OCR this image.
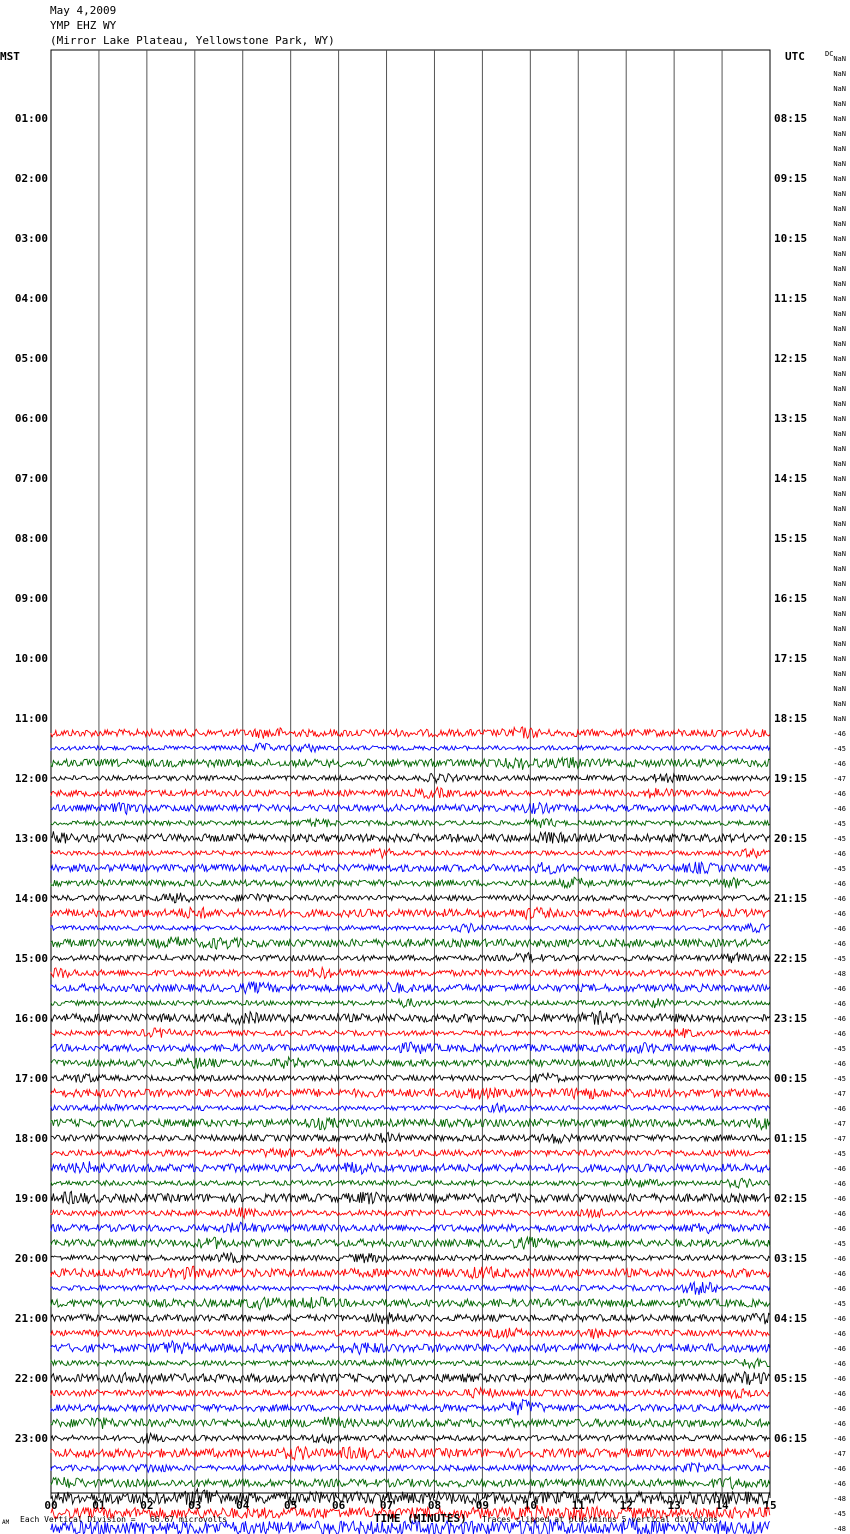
May 4,2009
YMP EHZ WY
(Mirror Lake Plateau, Yellowstone Park, WY)
MST	UTC	DC
00	01	02	03	04	05	06	07	08	09	10	11	12	13	14	15
01:00	08:15
02:00	09:15
03:00	10:15
04:00	11:15
05:00	12:15
06:00	13:15
07:00	14:15
08:00	15:15
09:00	16:15
10:00	17:15
11:00	18:15
12:00	19:15
13:00	20:15
14:00	21:15
15:00	22:15
16:00	23:15
17:00	00:15
18:00	01:15
19:00	02:15
20:00	03:15
21:00	04:15
22:00	05:15
23:00	06:15
NaN
NaN
NaN
NaN
NaN
NaN
NaN
NaN
NaN
NaN
NaN
NaN
NaN
NaN
NaN
NaN
NaN
NaN
NaN
NaN
NaN
NaN
NaN
NaN
NaN
NaN
NaN
NaN
NaN
NaN
NaN
NaN
NaN
NaN
NaN
NaN
NaN
NaN
NaN
NaN
NaN
NaN
NaN
NaN
NaN
-46
-45
-46
-47
-46
-46
-45
-45
-46
-45
-46
-46
-46
-46
-46
-45
-48
-46
-46
-46
-46
-45
-46
-45
-47
-46
-47
-47
-45
-46
-46
-46
-46
-46
-45
-46
-46
-46
-45
-46
-46
-46
-46
-46
-46
-46
-46
-46
-47
-46
-46
-48
-45
-48
Each Vertical Division =   66.67 microvolts	TIME (MINUTES) Traces clipped at plus/minus 5 vertical divisions
AM
